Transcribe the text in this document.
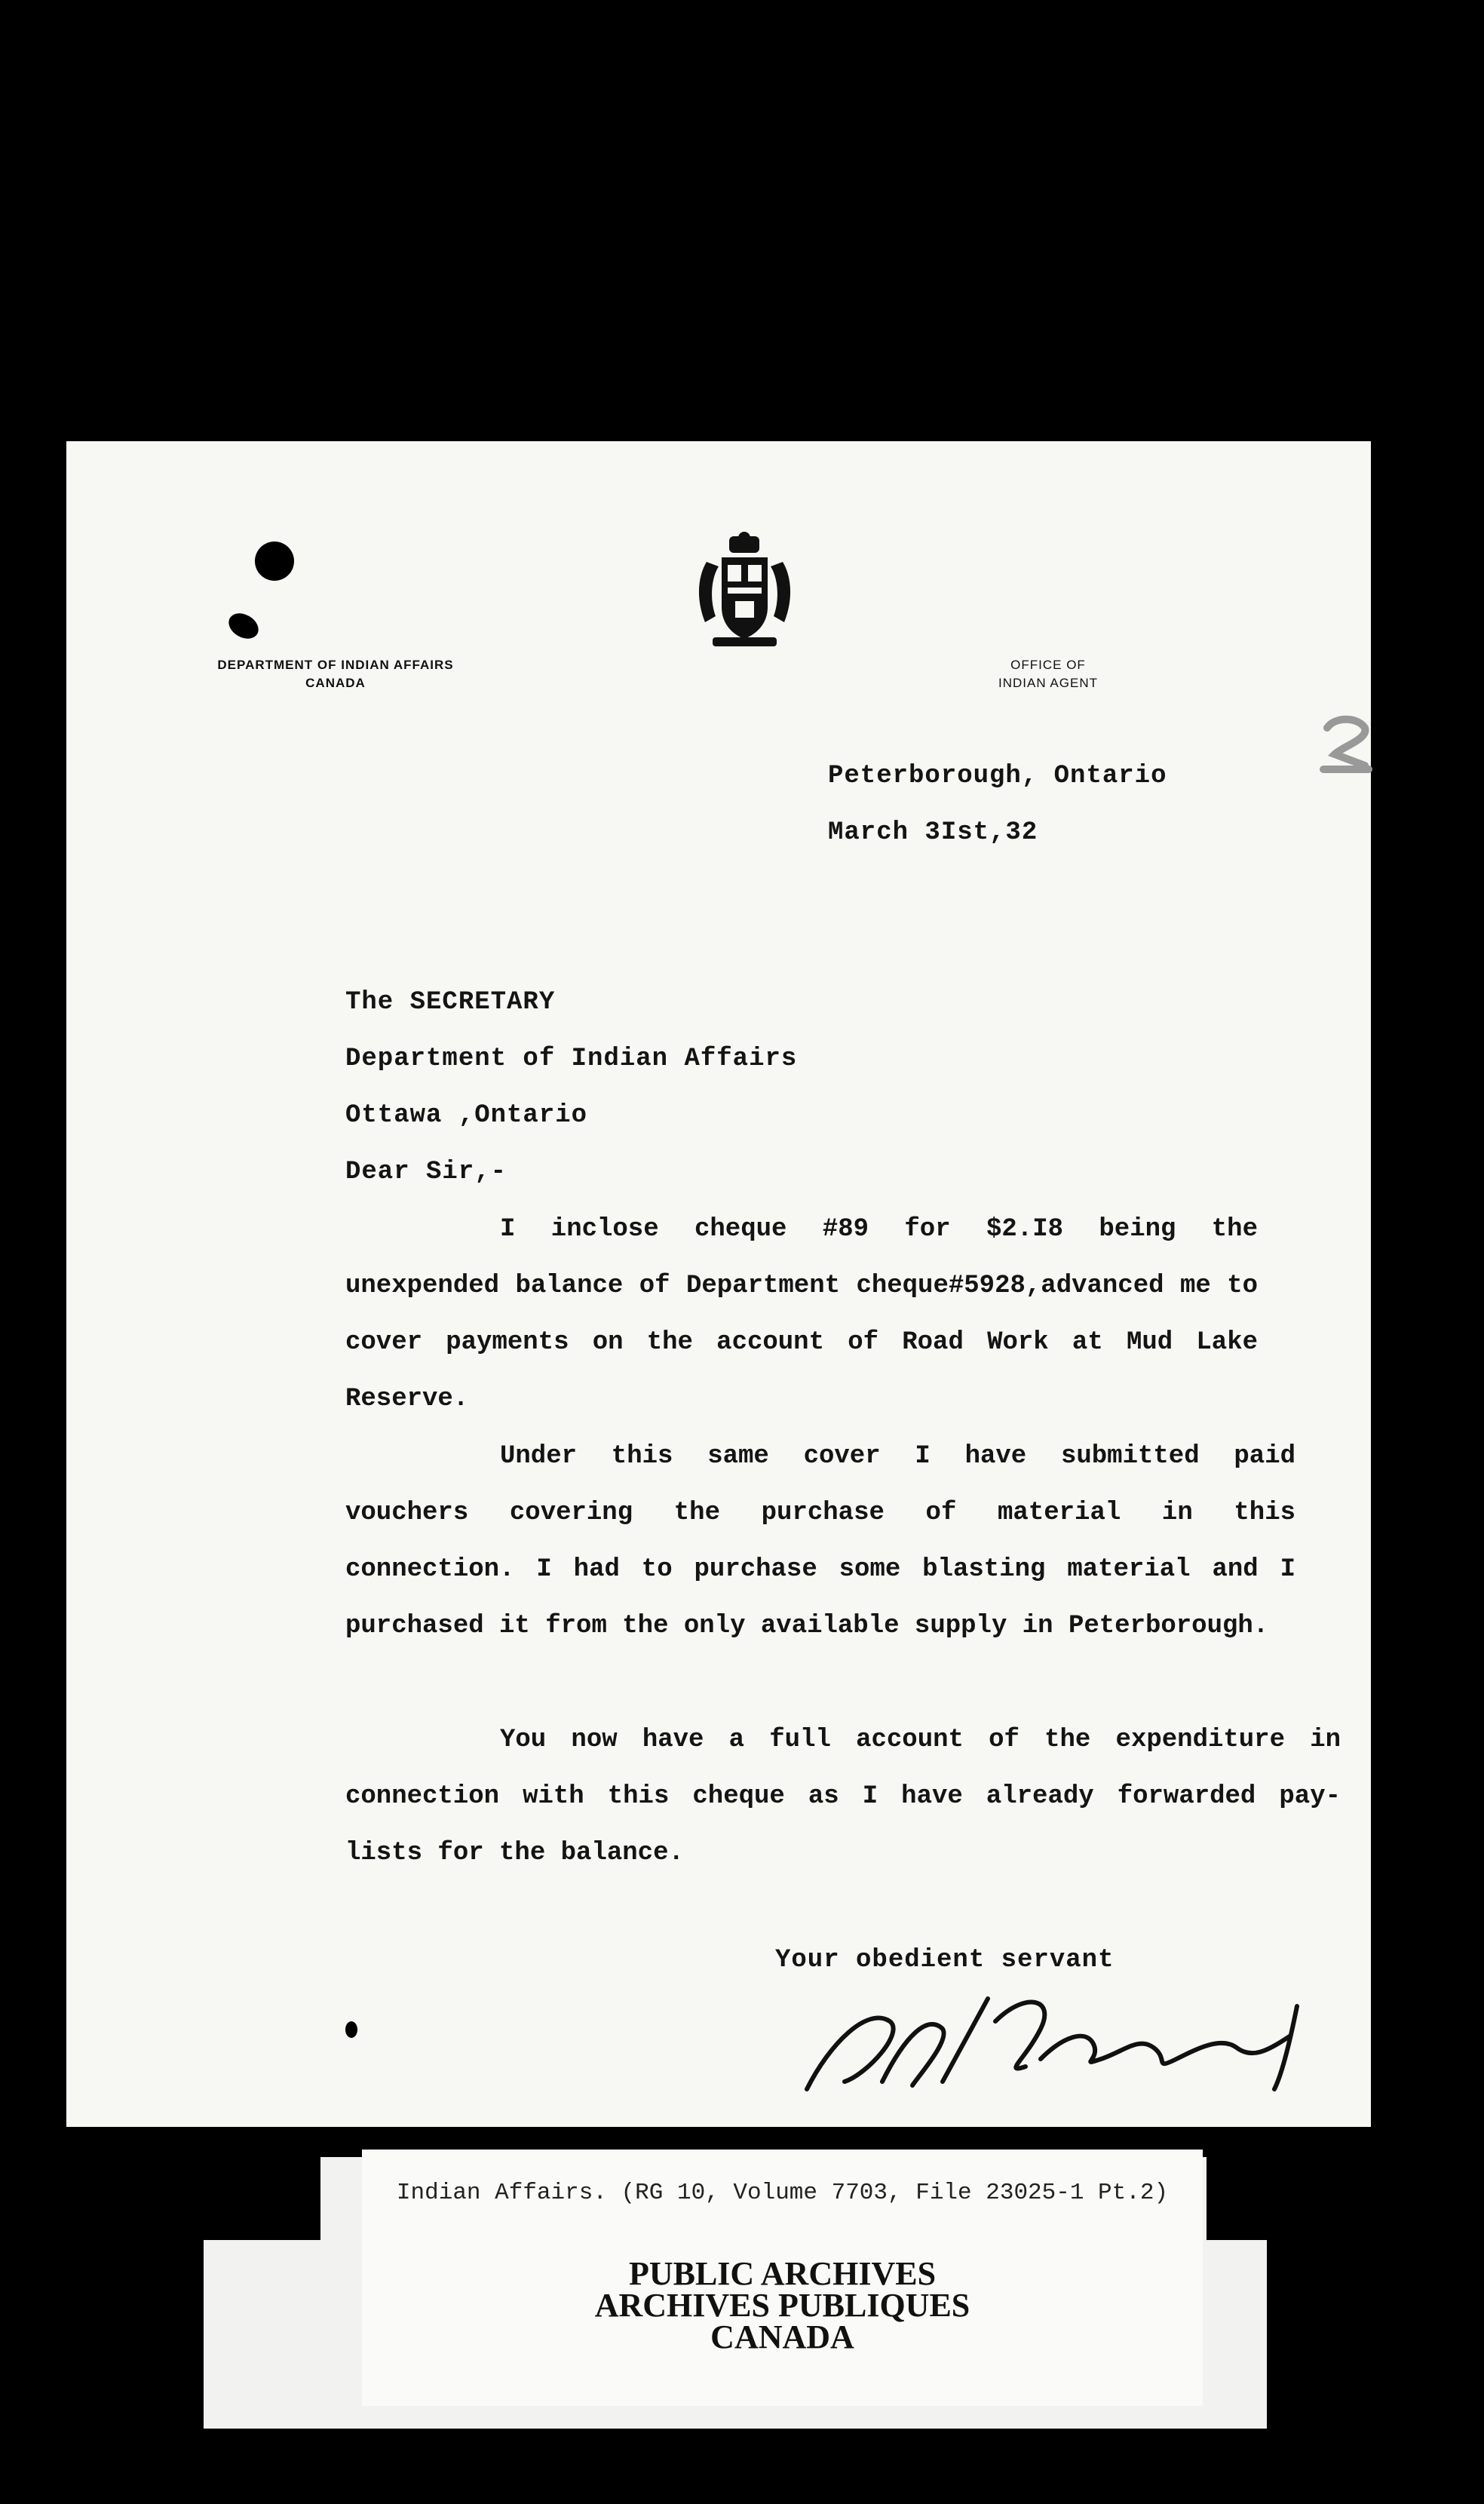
DEPARTMENT OF INDIAN AFFAIRS
CANADA
OFFICE OF
INDIAN AGENT
Peterborough, Ontario
March 3Ist,32
The SECRETARY
Department of Indian Affairs
Ottawa ,Ontario
Dear Sir,-
I inclose cheque #89 for $2.I8 being the unexpended balance of Department cheque#5928,advanced me to cover payments on the account of Road Work at Mud Lake Reserve.
Under this same cover I have submitted paid vouchers covering the purchase of material in this connection. I had to purchase some blasting material and I purchased it from the only available supply in Peterborough.
You now have a full account of the expenditure in connection with this cheque as I have already forwarded pay-lists for the balance.
Your obedient servant
Indian Affairs. (RG 10, Volume 7703, File 23025-1 Pt.2)
PUBLIC ARCHIVES
ARCHIVES PUBLIQUES
CANADA
